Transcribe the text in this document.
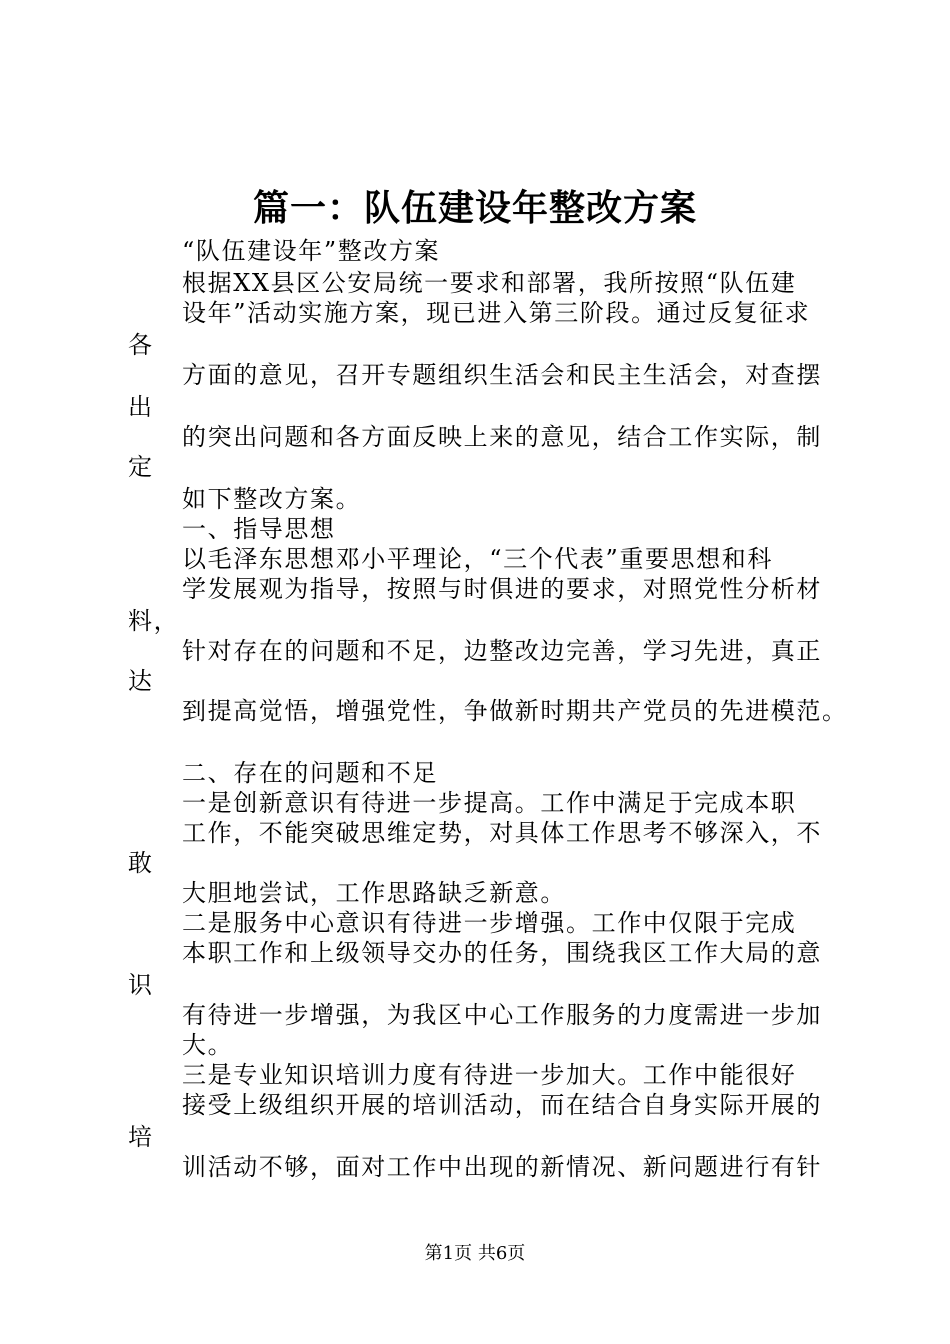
篇一：队伍建设年整改方案
“队伍建设年”整改方案
根据XX县区公安局统一要求和部署，我所按照“队伍建
设年”活动实施方案，现已进入第三阶段。通过反复征求
各
方面的意见，召开专题组织生活会和民主生活会，对查摆
出
的突出问题和各方面反映上来的意见，结合工作实际，制
定
如下整改方案。
一、指导思想
以毛泽东思想邓小平理论，“三个代表”重要思想和科
学发展观为指导，按照与时俱进的要求，对照党性分析材
料，
针对存在的问题和不足，边整改边完善，学习先进，真正
达
到提高觉悟，增强党性，争做新时期共产党员的先进模范。
二、存在的问题和不足
一是创新意识有待进一步提高。工作中满足于完成本职
工作，不能突破思维定势，对具体工作思考不够深入，不
敢
大胆地尝试，工作思路缺乏新意。
二是服务中心意识有待进一步增强。工作中仅限于完成
本职工作和上级领导交办的任务，围绕我区工作大局的意
识
有待进一步增强，为我区中心工作服务的力度需进一步加
大。
三是专业知识培训力度有待进一步加大。工作中能很好
接受上级组织开展的培训活动，而在结合自身实际开展的
培
训活动不够，面对工作中出现的新情况、新问题进行有针
第1页 共6页
